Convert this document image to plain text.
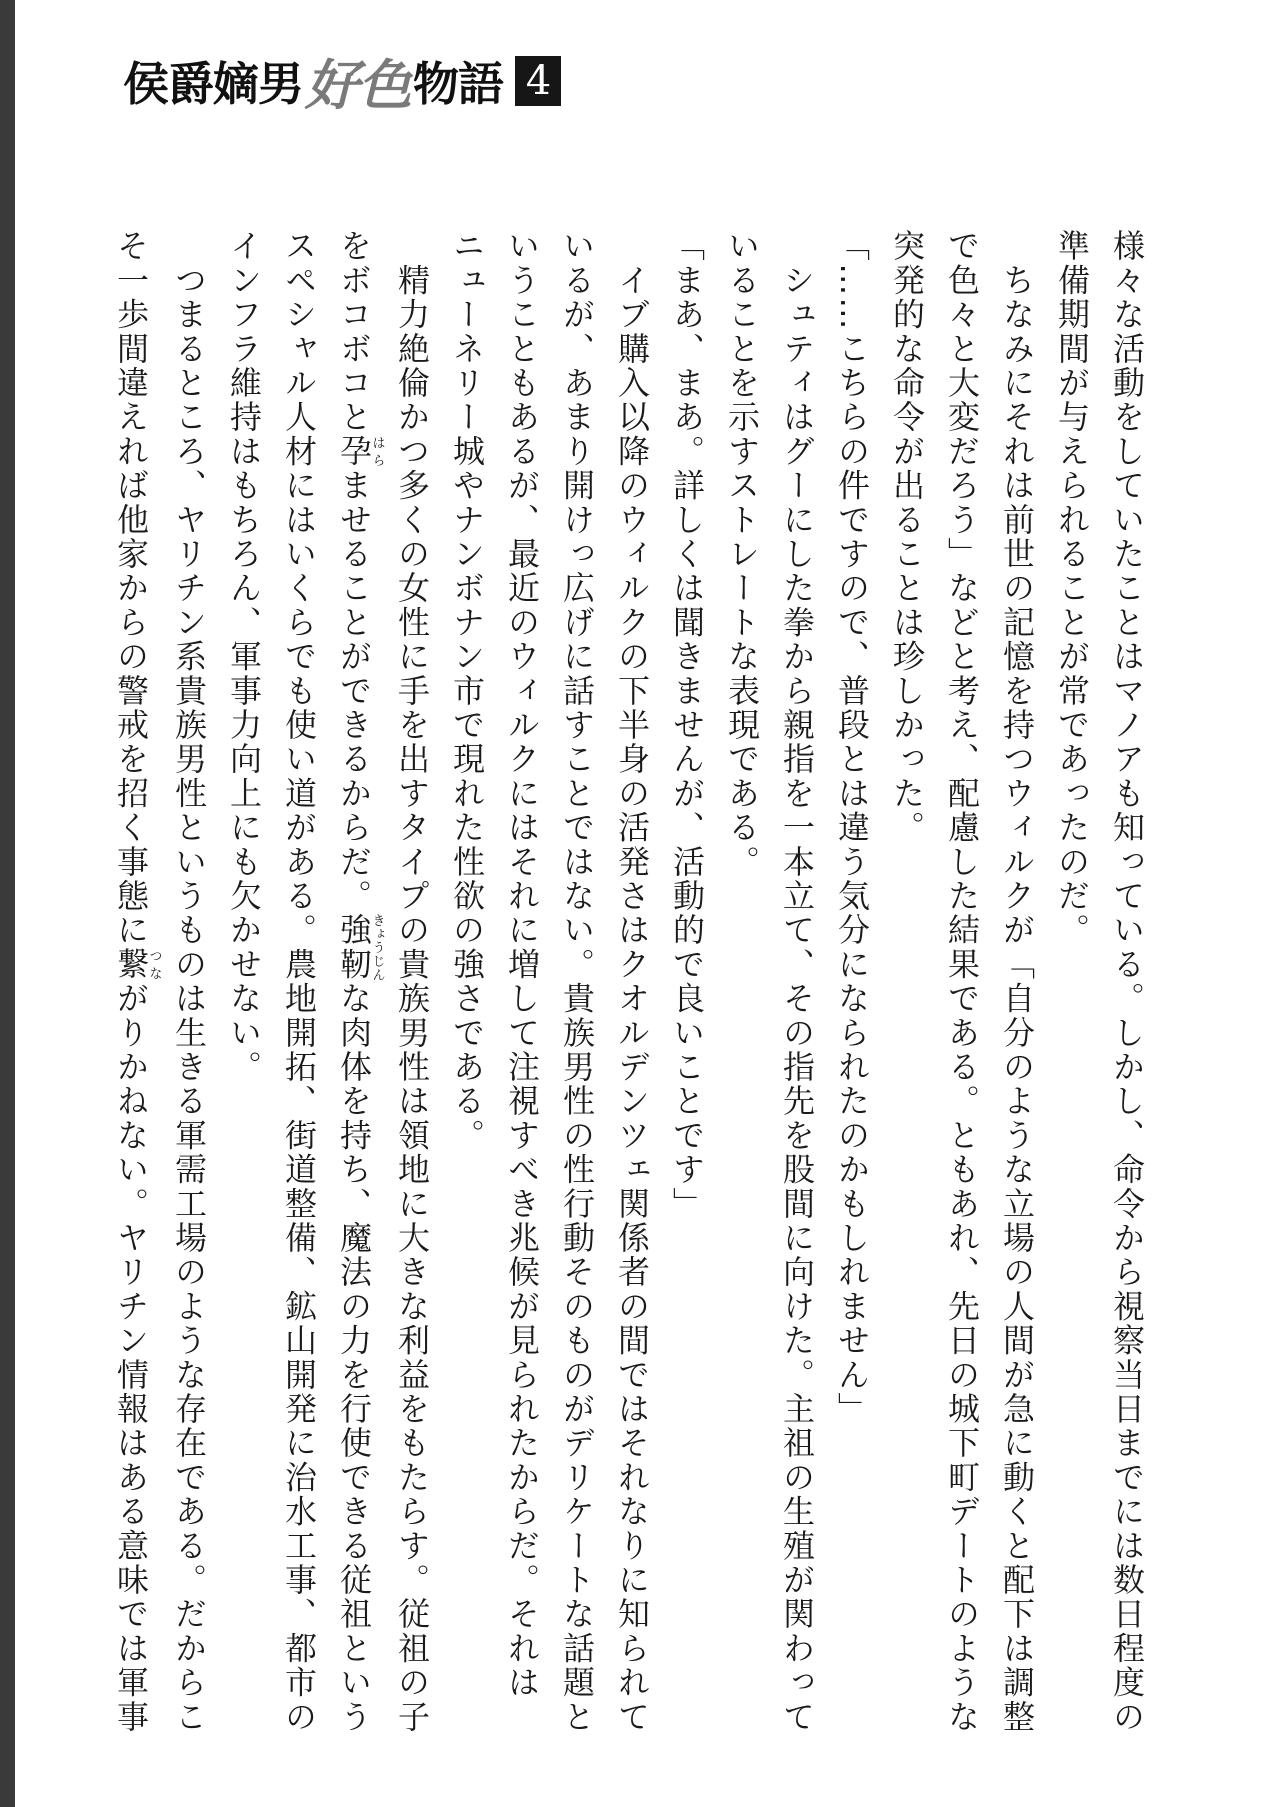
侯爵嫡男 好色 物語 4
様々な活動をしていたことはマノアも知っている。しかし、命令から視察当日までには数日程度の
準備期間が与えられることが常であったのだ。
　ちなみにそれは前世の記憶を持つウィルクが「自分のような立場の人間が急に動くと配下は調整
で色々と大変だろう」などと考え、配慮した結果である。ともあれ、先日の城下町デートのような
突発的な命令が出ることは珍しかった。
「……こちらの件ですので、普段とは違う気分になられたのかもしれません」
　シュティはグーにした拳から親指を一本立て、その指先を股間に向けた。主祖の生殖が関わって
いることを示すストレートな表現である。
「まあ、まあ。詳しくは聞きませんが、活動的で良いことです」
　イブ購入以降のウィルクの下半身の活発さはクオルデンツェ関係者の間ではそれなりに知られて
いるが、あまり開けっ広げに話すことではない。貴族男性の性行動そのものがデリケートな話題と
いうこともあるが、最近のウィルクにはそれに増して注視すべき兆候が見られたからだ。それは
ニューネリー城やナンボナン市で現れた性欲の強さである。
　精力絶倫かつ多くの女性に手を出すタイプの貴族男性は領地に大きな利益をもたらす。従祖の子
をボコボコと孕はらませることができるからだ。強靭きょうじんな肉体を持ち、魔法の力を行使できる従祖という
スペシャル人材にはいくらでも使い道がある。農地開拓、街道整備、鉱山開発に治水工事、都市の
インフラ維持はもちろん、軍事力向上にも欠かせない。
　つまるところ、ヤリチン系貴族男性というものは生きる軍需工場のような存在である。だからこ
そ一歩間違えれば他家からの警戒を招く事態に繋つながりかねない。ヤリチン情報はある意味では軍事
